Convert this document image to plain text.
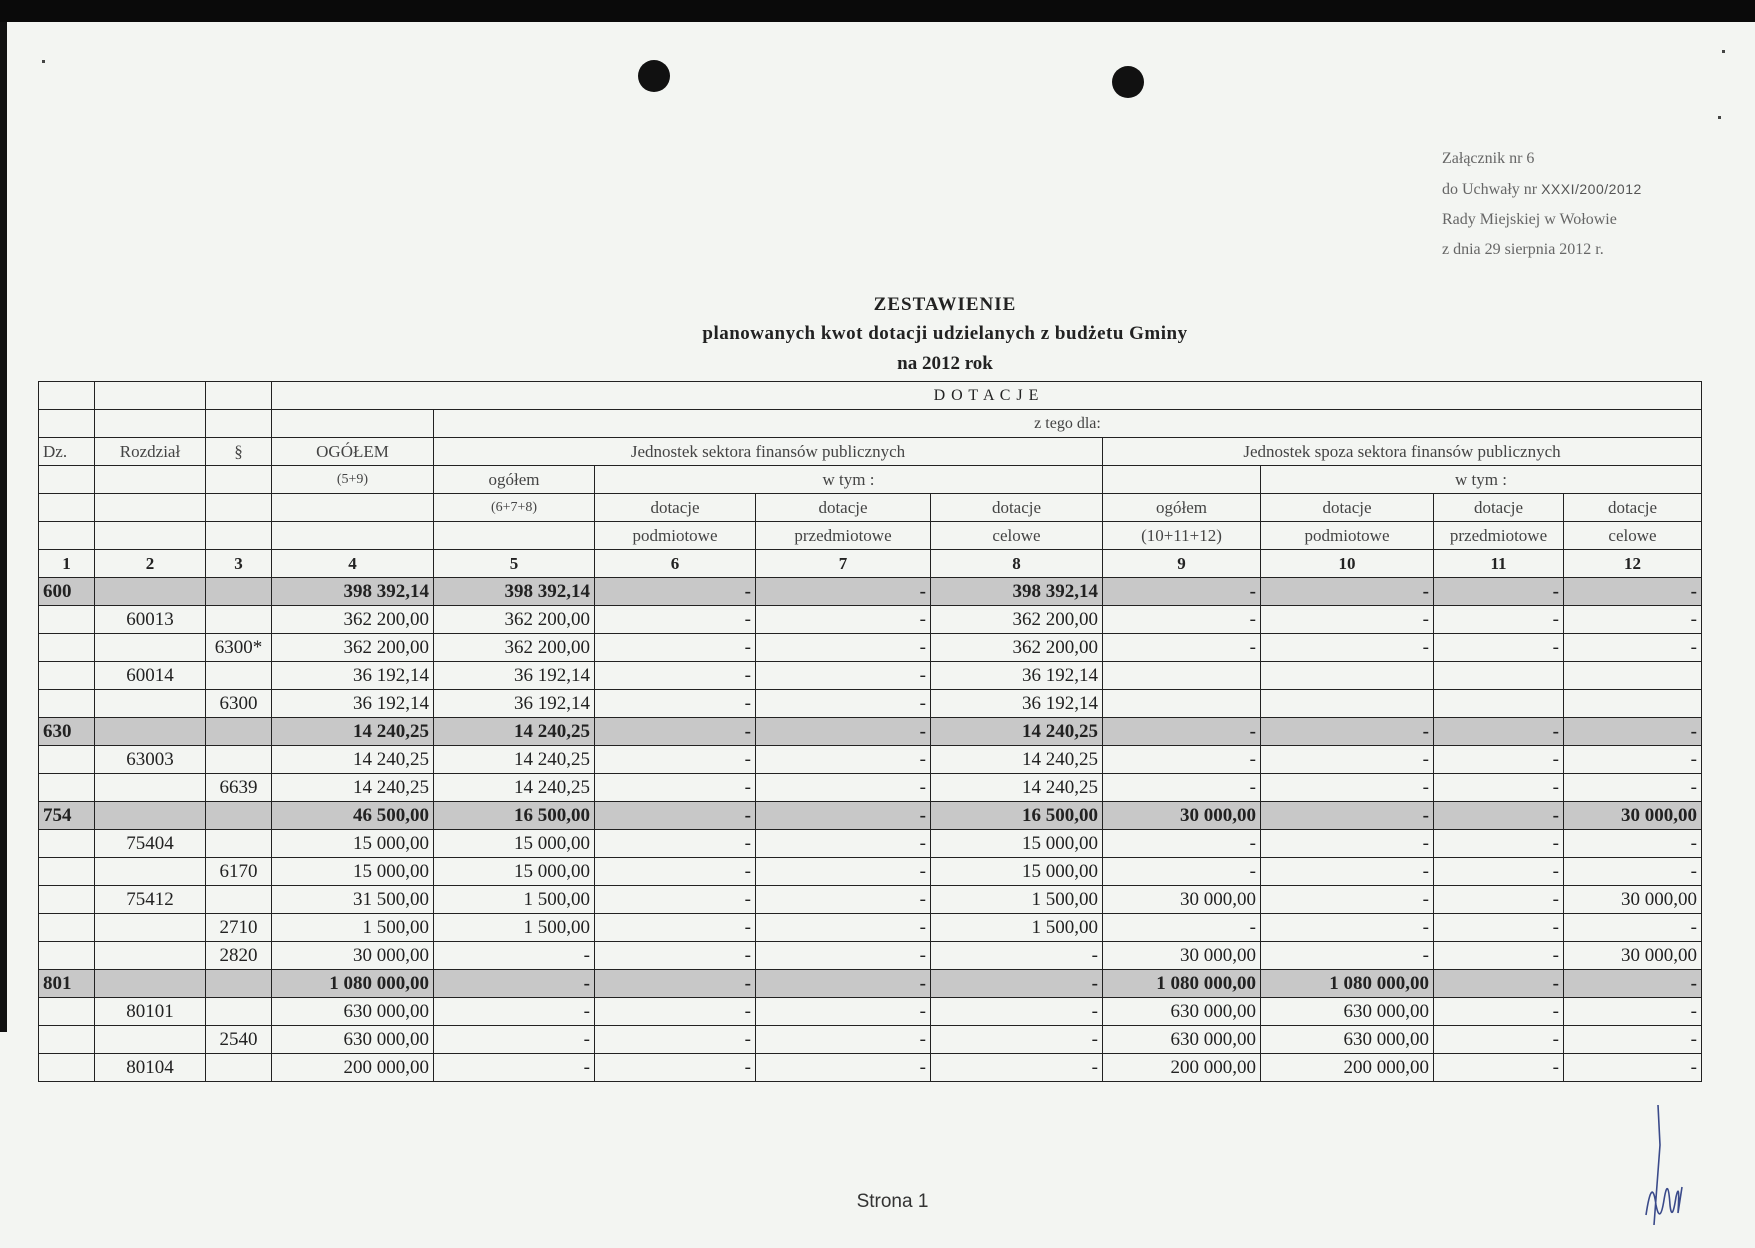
Załącznik nr 6
do Uchwały nr XXXI/200/2012
Rady Miejskiej w Wołowie
z dnia 29 sierpnia 2012 r.
ZESTAWIENIE
planowanych kwot dotacji udzielanych z budżetu Gminy
na 2012 rok
			D O T A C J E								
				z tego dla:							
Dz.	Rozdział	§	OGÓŁEM	Jednostek sektora finansów publicznych				Jednostek spoza sektora finansów publicznych			
			(5+9)	ogółem	w tym :				w tym :		
				(6+7+8)	dotacje	dotacje	dotacje	ogółem	dotacje	dotacje	dotacje
					podmiotowe	przedmiotowe	celowe	(10+11+12)	podmiotowe	przedmiotowe	celowe
1	2	3	4	5	6	7	8	9	10	11	12
600			398 392,14	398 392,14	-	-	398 392,14	-	-	-	-
	60013		362 200,00	362 200,00	-	-	362 200,00	-	-	-	-
		6300*	362 200,00	362 200,00	-	-	362 200,00	-	-	-	-
	60014		36 192,14	36 192,14	-	-	36 192,14				
		6300	36 192,14	36 192,14	-	-	36 192,14				
630			14 240,25	14 240,25	-	-	14 240,25	-	-	-	-
	63003		14 240,25	14 240,25	-	-	14 240,25	-	-	-	-
		6639	14 240,25	14 240,25	-	-	14 240,25	-	-	-	-
754			46 500,00	16 500,00	-	-	16 500,00	30 000,00	-	-	30 000,00
	75404		15 000,00	15 000,00	-	-	15 000,00	-	-	-	-
		6170	15 000,00	15 000,00	-	-	15 000,00	-	-	-	-
	75412		31 500,00	1 500,00	-	-	1 500,00	30 000,00	-	-	30 000,00
		2710	1 500,00	1 500,00	-	-	1 500,00	-	-	-	-
		2820	30 000,00	-	-	-	-	30 000,00	-	-	30 000,00
801			1 080 000,00	-	-	-	-	1 080 000,00	1 080 000,00	-	-
	80101		630 000,00	-	-	-	-	630 000,00	630 000,00	-	-
		2540	630 000,00	-	-	-	-	630 000,00	630 000,00	-	-
	80104		200 000,00	-	-	-	-	200 000,00	200 000,00	-	-
Strona 1
